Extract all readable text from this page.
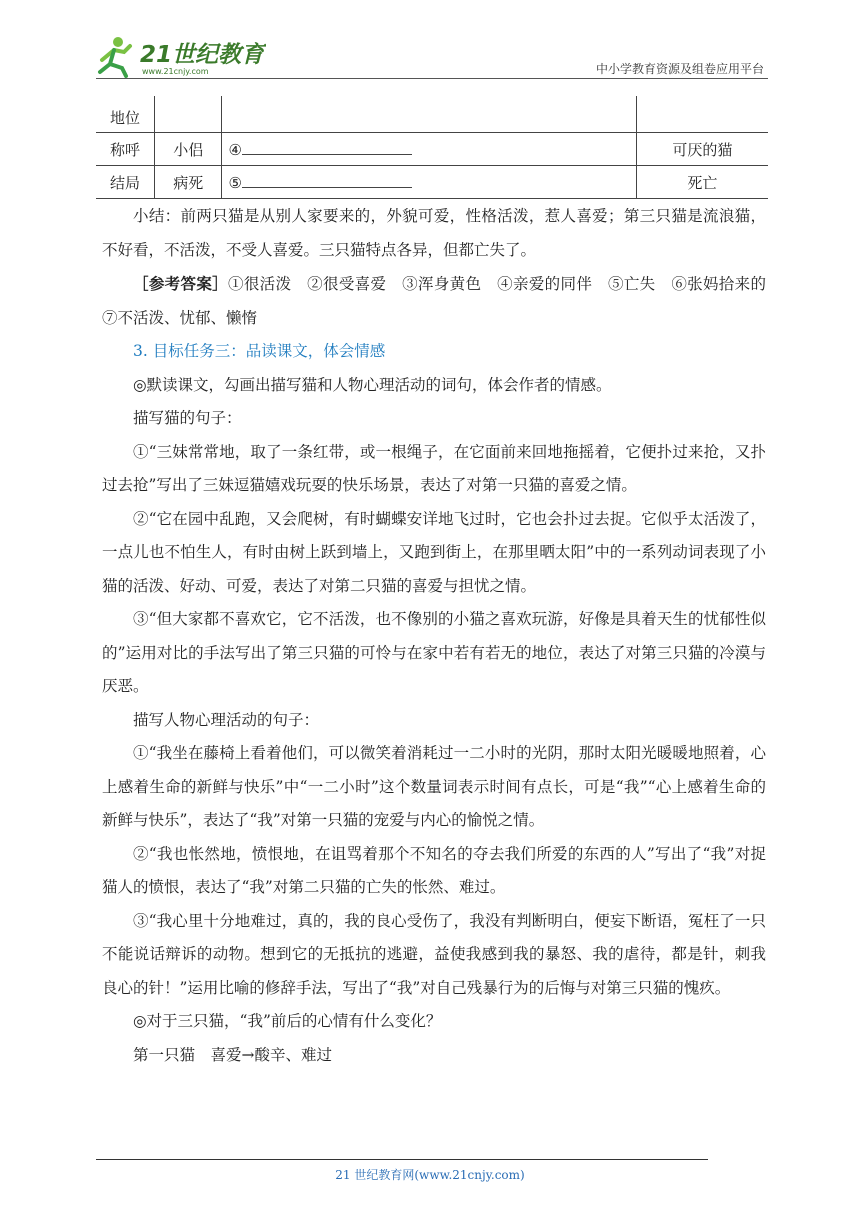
21世纪教育
www.21cnjy.com	中小学教育资源及组卷应用平台
地位			
称呼	小侣	④	可厌的猫
结局	病死	⑤	死亡

小结：前两只猫是从别人家要来的，外貌可爱，性格活泼，惹人喜爱；第三只猫是流浪猫，不好看，不活泼，不受人喜爱。三只猫特点各异，但都亡失了。

［参考答案］①很活泼　②很受喜爱　③浑身黄色　④亲爱的同伴　⑤亡失　⑥张妈拾来的　⑦不活泼、忧郁、懒惰

3. 目标任务三：品读课文，体会情感

◎默读课文，勾画出描写猫和人物心理活动的词句，体会作者的情感。

描写猫的句子：

①“三妹常常地，取了一条红带，或一根绳子，在它面前来回地拖摇着，它便扑过来抢，又扑过去抢”写出了三妹逗猫嬉戏玩耍的快乐场景，表达了对第一只猫的喜爱之情。

②“它在园中乱跑，又会爬树，有时蝴蝶安详地飞过时，它也会扑过去捉。它似乎太活泼了，一点儿也不怕生人，有时由树上跃到墙上，又跑到街上，在那里晒太阳”中的一系列动词表现了小猫的活泼、好动、可爱，表达了对第二只猫的喜爱与担忧之情。

③“但大家都不喜欢它，它不活泼，也不像别的小猫之喜欢玩游，好像是具着天生的忧郁性似的”运用对比的手法写出了第三只猫的可怜与在家中若有若无的地位，表达了对第三只猫的冷漠与厌恶。

描写人物心理活动的句子：

①“我坐在藤椅上看着他们，可以微笑着消耗过一二小时的光阴，那时太阳光暖暖地照着，心上感着生命的新鲜与快乐”中“一二小时”这个数量词表示时间有点长，可是“我”“心上感着生命的新鲜与快乐”，表达了“我”对第一只猫的宠爱与内心的愉悦之情。

②“我也怅然地，愤恨地，在诅骂着那个不知名的夺去我们所爱的东西的人”写出了“我”对捉猫人的愤恨，表达了“我”对第二只猫的亡失的怅然、难过。

③“我心里十分地难过，真的，我的良心受伤了，我没有判断明白，便妄下断语，冤枉了一只不能说话辩诉的动物。想到它的无抵抗的逃避，益使我感到我的暴怒、我的虐待，都是针，刺我良心的针！”运用比喻的修辞手法，写出了“我”对自己残暴行为的后悔与对第三只猫的愧疚。

◎对于三只猫，“我”前后的心情有什么变化？

第一只猫　喜爱→酸辛、难过

21 世纪教育网(www.21cnjy.com)
